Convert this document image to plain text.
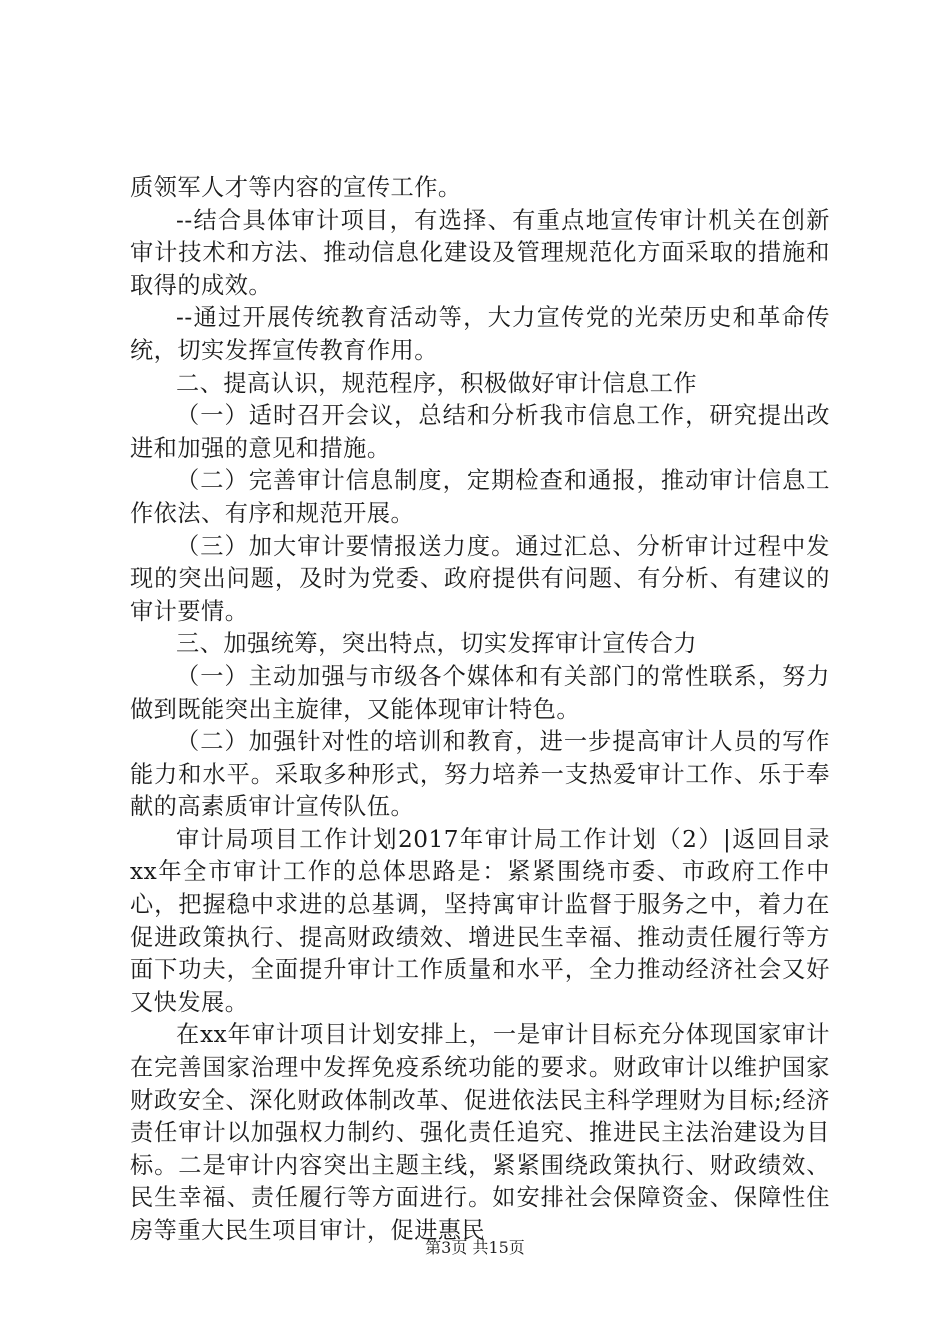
质领军人才等内容的宣传工作。

--结合具体审计项目，有选择、有重点地宣传审计机关在创新审计技术和方法、推动信息化建设及管理规范化方面采取的措施和取得的成效。

--通过开展传统教育活动等，大力宣传党的光荣历史和革命传统，切实发挥宣传教育作用。

二、提高认识，规范程序，积极做好审计信息工作

（一）适时召开会议，总结和分析我市信息工作，研究提出改进和加强的意见和措施。

（二）完善审计信息制度，定期检查和通报，推动审计信息工作依法、有序和规范开展。

（三）加大审计要情报送力度。通过汇总、分析审计过程中发现的突出问题，及时为党委、政府提供有问题、有分析、有建议的审计要情。

三、加强统筹，突出特点，切实发挥审计宣传合力

（一）主动加强与市级各个媒体和有关部门的常性联系，努力做到既能突出主旋律，又能体现审计特色。

（二）加强针对性的培训和教育，进一步提高审计人员的写作能力和水平。采取多种形式，努力培养一支热爱审计工作、乐于奉献的高素质审计宣传队伍。

审计局项目工作计划2017年审计局工作计划（2）|返回目录xx年全市审计工作的总体思路是：紧紧围绕市委、市政府工作中心，把握稳中求进的总基调，坚持寓审计监督于服务之中，着力在促进政策执行、提高财政绩效、增进民生幸福、推动责任履行等方面下功夫，全面提升审计工作质量和水平，全力推动经济社会又好又快发展。

在xx年审计项目计划安排上，一是审计目标充分体现国家审计在完善国家治理中发挥免疫系统功能的要求。财政审计以维护国家财政安全、深化财政体制改革、促进依法民主科学理财为目标;经济责任审计以加强权力制约、强化责任追究、推进民主法治建设为目标。二是审计内容突出主题主线，紧紧围绕政策执行、财政绩效、民生幸福、责任履行等方面进行。如安排社会保障资金、保障性住房等重大民生项目审计，促进惠民

第3页 共15页
